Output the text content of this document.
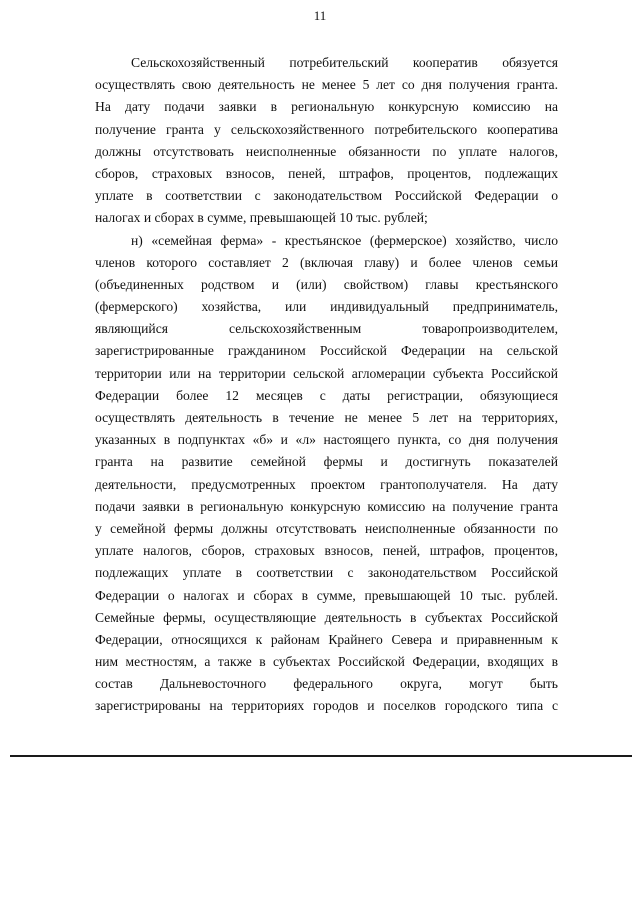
11
Сельскохозяйственный потребительский кооператив обязуется
осуществлять свою деятельность не менее 5 лет со дня получения гранта.
На дату подачи заявки в региональную конкурсную комиссию на
получение гранта у сельскохозяйственного потребительского кооператива
должны отсутствовать неисполненные обязанности по уплате налогов,
сборов, страховых взносов, пеней, штрафов, процентов, подлежащих
уплате в соответствии с законодательством Российской Федерации о
налогах и сборах в сумме, превышающей 10 тыс. рублей;
н) «семейная ферма» - крестьянское (фермерское) хозяйство, число
членов которого составляет 2 (включая главу) и более членов семьи
(объединенных родством и (или) свойством) главы крестьянского
(фермерского) хозяйства, или индивидуальный предприниматель,
являющийся сельскохозяйственным товаропроизводителем,
зарегистрированные гражданином Российской Федерации на сельской
территории или на территории сельской агломерации субъекта Российской
Федерации более 12 месяцев с даты регистрации, обязующиеся
осуществлять деятельность в течение не менее 5 лет на территориях,
указанных в подпунктах «б» и «л» настоящего пункта, со дня получения
гранта на развитие семейной фермы и достигнуть показателей
деятельности, предусмотренных проектом грантополучателя. На дату
подачи заявки в региональную конкурсную комиссию на получение гранта
у семейной фермы должны отсутствовать неисполненные обязанности по
уплате налогов, сборов, страховых взносов, пеней, штрафов, процентов,
подлежащих уплате в соответствии с законодательством Российской
Федерации о налогах и сборах в сумме, превышающей 10 тыс. рублей.
Семейные фермы, осуществляющие деятельность в субъектах Российской
Федерации, относящихся к районам Крайнего Севера и приравненным к
ним местностям, а также в субъектах Российской Федерации, входящих в
состав Дальневосточного федерального округа, могут быть
зарегистрированы на территориях городов и поселков городского типа с
